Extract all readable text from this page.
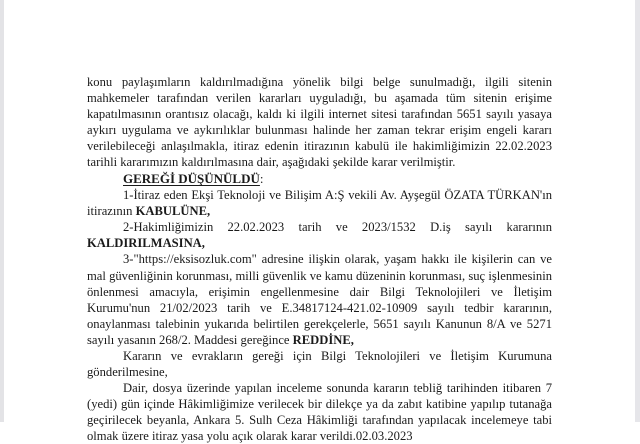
konu paylaşımların kaldırılmadığına yönelik bilgi belge sunulmadığı, ilgili sitenin mahkemeler tarafından verilen kararları uyguladığı, bu aşamada tüm sitenin erişime kapatılmasının orantısız olacağı, kaldı ki ilgili internet sitesi tarafından 5651 sayılı yasaya aykırı uygulama ve aykırılıklar bulunması halinde her zaman tekrar erişim engeli kararı verilebileceği anlaşılmakla, itiraz edenin itirazının kabulü ile hakimliğimizin 22.02.2023 tarihli kararımızın kaldırılmasına dair, aşağıdaki şekilde karar verilmiştir.

GEREĞİ DÜŞÜNÜLDÜ:

1-İtiraz eden Ekşi Teknoloji ve Bilişim A:Ş vekili Av. Ayşegül ÖZATA TÜRKAN'ın itirazının KABULÜNE,

2-Hakimliğimizin 22.02.2023 tarih ve 2023/1532 D.iş sayılı kararının KALDIRILMASINA,

3-"https://eksisozluk.com" adresine ilişkin olarak, yaşam hakkı ile kişilerin can ve mal güvenliğinin korunması, milli güvenlik ve kamu düzeninin korunması, suç işlenmesinin önlenmesi amacıyla, erişimin engellenmesine dair Bilgi Teknolojileri ve İletişim Kurumu'nun 21/02/2023 tarih ve E.34817124-421.02-10909 sayılı tedbir kararının, onaylanması talebinin yukarıda belirtilen gerekçelerle, 5651 sayılı Kanunun 8/A ve 5271 sayılı yasanın 268/2. Maddesi gereğince REDDİNE,

Kararın ve evrakların gereği için Bilgi Teknolojileri ve İletişim Kurumuna gönderilmesine,

Dair, dosya üzerinde yapılan inceleme sonunda kararın tebliğ tarihinden itibaren 7 (yedi) gün içinde Hâkimliğimize verilecek bir dilekçe ya da zabıt katibine yapılıp tutanağa geçirilecek beyanla, Ankara 5. Sulh Ceza Hâkimliği tarafından yapılacak incelemeye tabi olmak üzere itiraz yasa yolu açık olarak karar verildi.02.03.2023
